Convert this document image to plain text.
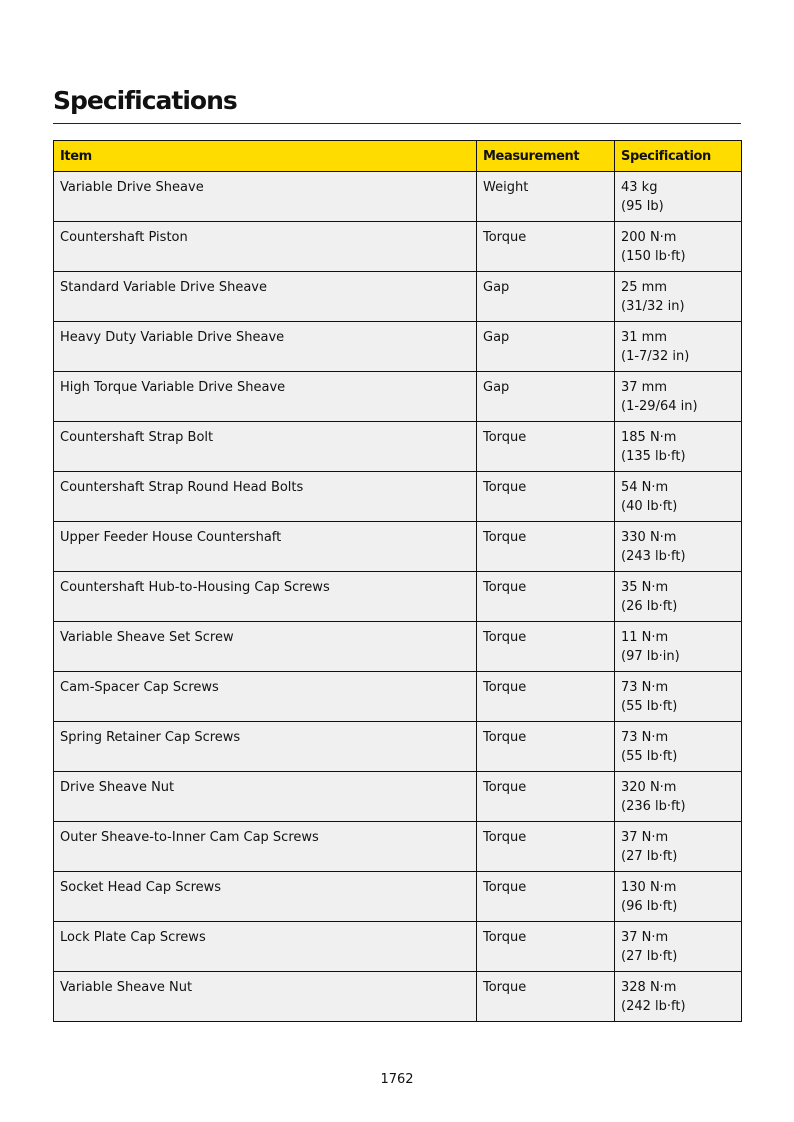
Specifications
Item	Measurement	Specification
Variable Drive Sheave	Weight	43 kg
(95 lb)

Countershaft Piston	Torque	200 N·m
(150 lb·ft)

Standard Variable Drive Sheave	Gap	25 mm
(31/32 in)

Heavy Duty Variable Drive Sheave	Gap	31 mm
(1-7/32 in)

High Torque Variable Drive Sheave	Gap	37 mm
(1-29/64 in)

Countershaft Strap Bolt	Torque	185 N·m
(135 lb·ft)

Countershaft Strap Round Head Bolts	Torque	54 N·m
(40 lb·ft)

Upper Feeder House Countershaft	Torque	330 N·m
(243 lb·ft)

Countershaft Hub-to-Housing Cap Screws	Torque	35 N·m
(26 lb·ft)

Variable Sheave Set Screw	Torque	11 N·m
(97 lb·in)

Cam-Spacer Cap Screws	Torque	73 N·m
(55 lb·ft)

Spring Retainer Cap Screws	Torque	73 N·m
(55 lb·ft)

Drive Sheave Nut	Torque	320 N·m
(236 lb·ft)

Outer Sheave-to-Inner Cam Cap Screws	Torque	37 N·m
(27 lb·ft)

Socket Head Cap Screws	Torque	130 N·m
(96 lb·ft)

Lock Plate Cap Screws	Torque	37 N·m
(27 lb·ft)

Variable Sheave Nut	Torque	328 N·m
(242 lb·ft)
1762
